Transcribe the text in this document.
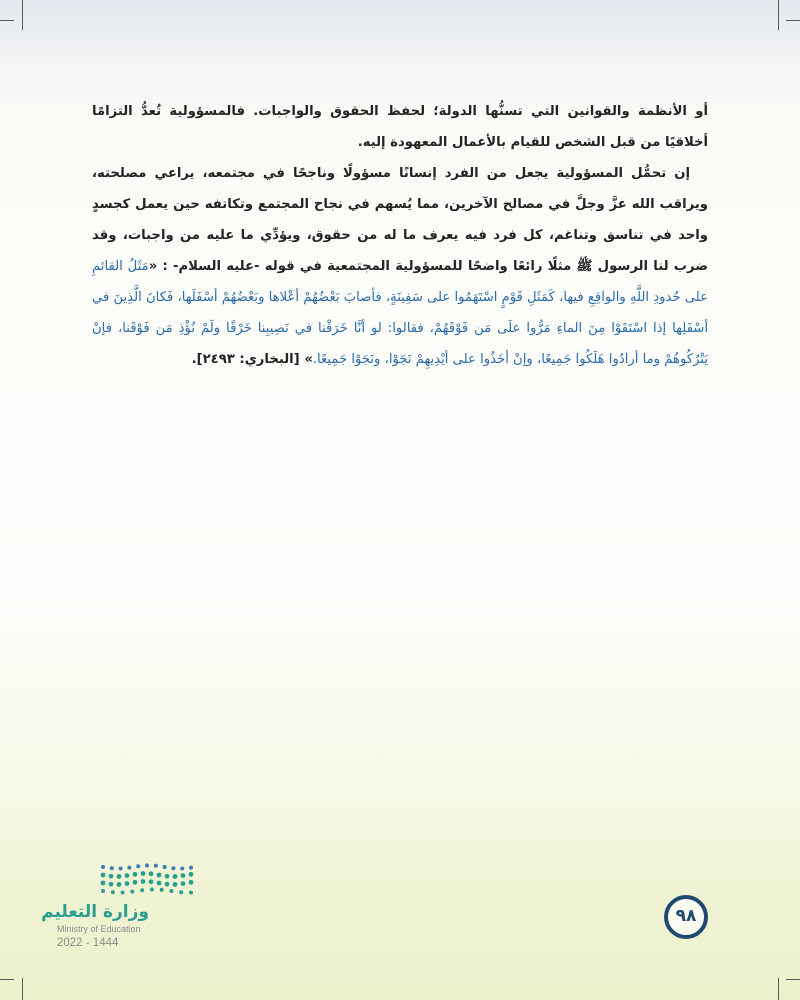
أو الأنظمة والقوانين التي تسنُّها الدولة؛ لحفظ الحقوق والواجبات. فالمسؤولية تُعدُّ التزامًا أخلاقيًا من قبل الشخص للقيام بالأعمال المعهودة إليه.

إن تحمُّل المسؤولية يجعل من الفرد إنسانًا مسؤولًا وناجحًا في مجتمعه، يراعي مصلحته، ويراقب الله عزَّ وجلَّ في مصالح الآخرين، مما يُسهم في نجاح المجتمع وتكاتفه حين يعمل كجسدٍ واحد في تناسق وتناغم، كل فرد فيه يعرف ما له من حقوق، ويؤدِّي ما عليه من واجبات، وقد ضرب لنا الرسول ﷺ مثلًا رائعًا واضحًا للمسؤولية المجتمعية في قوله -عليه السلام- : «مَثَلُ القائمِ على حُدودِ اللَّهِ والواقِعِ فيها، كَمَثَلِ قَوْمٍ اسْتَهَمُوا على سَفِينَةٍ، فأصابَ بَعْضُهُمْ أعْلاها وبَعْضُهُمْ أسْفَلَها، فَكانَ الَّذِينَ في أسْفَلِها إذا اسْتَقَوْا مِنَ الماءِ مَرُّوا علَى مَن فَوْقَهُمْ، فقالوا: لو أنَّا خَرَقْنا في نَصِيبِنا خَرْقًا ولَمْ نُؤْذِ مَن فَوْقَنا، فإنْ يَتْرُكُوهُمْ وما أرادُوا هَلَكُوا جَمِيعًا، وإنْ أخَذُوا على أيْدِيهِمْ نَجَوْا، ونَجَوْا جَمِيعًا.» [البخاري: ٢٤٩٣].

وزارة التعليم
Ministry of Education
2022 - 1444
٩٨
